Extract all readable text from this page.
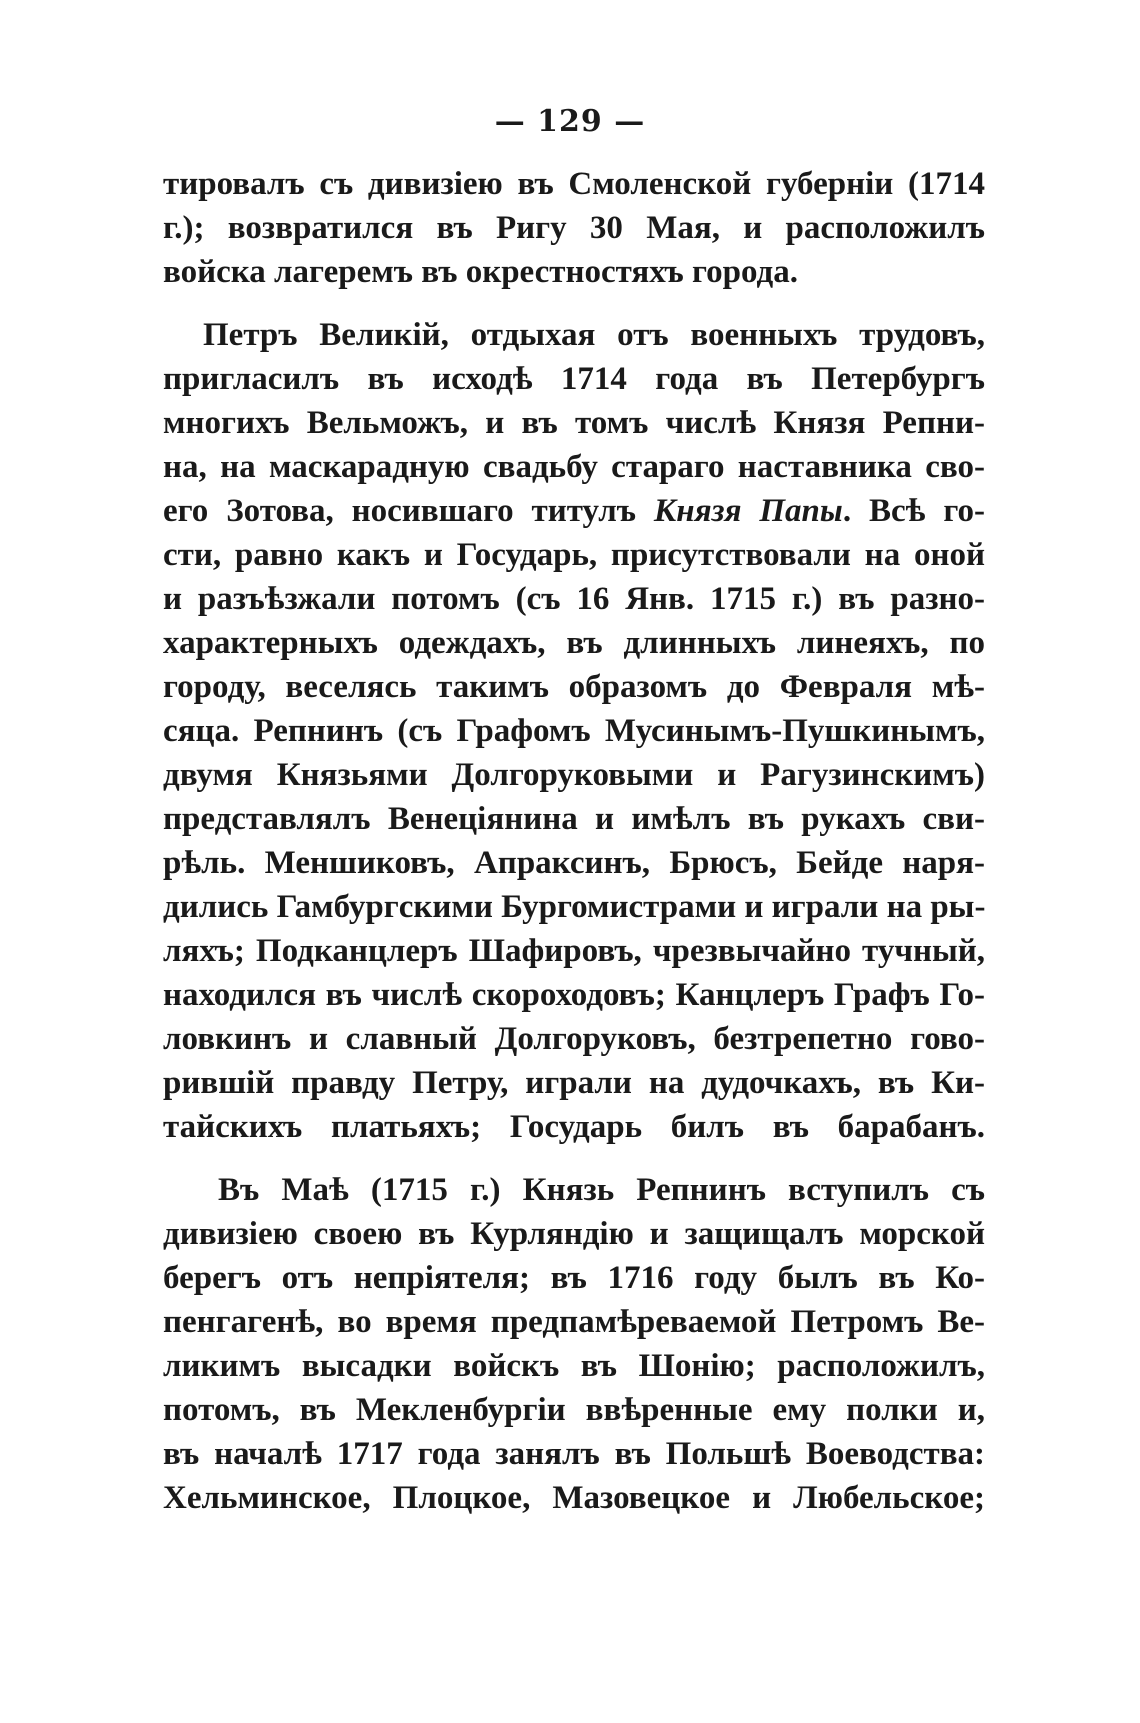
— 129 —

тировалъ съ дивизіею въ Смоленской губерніи (1714

г.); возвратился въ Ригу 30 Мая, и расположилъ

войска лагеремъ въ окрестностяхъ города.

Петръ Великій, отдыхая отъ военныхъ трудовъ,

пригласилъ въ исходѣ 1714 года въ Петербургъ

многихъ Вельможъ, и въ томъ числѣ Князя Репни-

на, на маскарадную свадьбу стараго наставника сво-

его Зотова, носившаго титулъ Князя Папы. Всѣ го-

сти, равно какъ и Государь, присутствовали на оной

и разъѣзжали потомъ (съ 16 Янв. 1715 г.) въ разно-

характерныхъ одеждахъ, въ длинныхъ линеяхъ, по

городу, веселясь такимъ образомъ до Февраля мѣ-

сяца. Репнинъ (съ Графомъ Мусинымъ-Пушкинымъ,

двумя Князьями Долгоруковыми и Рагузинскимъ)

представлялъ Венеціянина и имѣлъ въ рукахъ сви-

рѣль. Меншиковъ, Апраксинъ, Брюсъ, Бейде наря-

дились Гамбургскими Бургомистрами и играли на ры-

ляхъ; Подканцлеръ Шафировъ, чрезвычайно тучный,

находился въ числѣ скороходовъ; Канцлеръ Графъ Го-

ловкинъ и славный Долгоруковъ, безтрепетно гово-

рившій правду Петру, играли на дудочкахъ, въ Ки-

тайскихъ платьяхъ; Государь билъ въ барабанъ.

Въ Маѣ (1715 г.) Князь Репнинъ вступилъ съ

дивизіею своею въ Курляндію и защищалъ морской

берегъ отъ непріятеля; въ 1716 году былъ въ Ко-

пенгагенѣ, во время предпамѣреваемой Петромъ Ве-

ликимъ высадки войскъ въ Шонію; расположилъ,

потомъ, въ Мекленбургіи ввѣренные ему полки и,

въ началѣ 1717 года занялъ въ Польшѣ Воеводства:

Хельминское, Плоцкое, Мазовецкое и Любельское;
